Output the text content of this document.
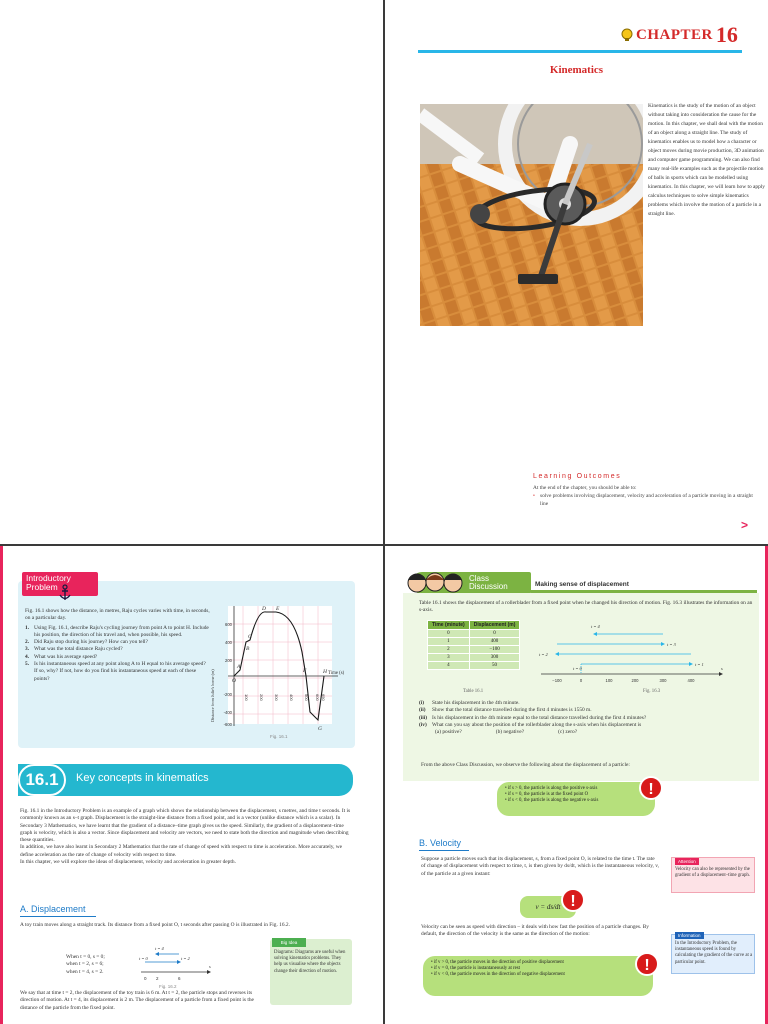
CHAPTER 16
Kinematics
Kinematics is the study of the motion of an object without taking into consideration the cause for the motion. In this chapter, we shall deal with the motion of an object along a straight line. The study of kinematics enables us to model how a character or object moves during movie production, 3D animation and computer game programming. We can also find many real-life examples such as the projectile motion of balls in sports which can be modelled using kinematics. In this chapter, we will learn how to apply calculus techniques to solve simple kinematics problems which involve the motion of a particle in a straight line.
Learning Outcomes
At the end of the chapter, you should be able to:
• solve problems involving displacement, velocity and acceleration of a particle moving in a straight line
>
Introductory Problem
Fig. 16.1 shows how the distance, in metres, Raju cycles varies with time, in seconds, on a particular day.
1. Using Fig. 16.1, describe Raju's cycling journey from point A to point H. Include his position, the direction of his travel and, when possible, his speed.
2. Did Raju stop during his journey? How can you tell?
3. What was the total distance Raju cycled?
4. What was his average speed?
5. Is his instantaneous speed at any point along A to H equal to his average speed? If so, why? If not, how do you find his instantaneous speed at each of these points?	O
A
B
C
D E
F
G
H
600
400
200
-200
-400
-600
100	200	300	400	500 600 650
Time (s)
Distance from Julie's home (m)
Fig. 16.1
16.1	Key concepts in kinematics
Fig. 16.1 in the Introductory Problem is an example of a graph which shows the relationship between the displacement, s metres, and time t seconds. It is commonly known as an s–t graph. Displacement is the straight-line distance from a fixed point, and is a vector (unlike distance which is a scalar). In Secondary 3 Mathematics, we have learnt that the gradient of a distance–time graph gives us the speed. Similarly, the gradient of a displacement–time graph is velocity, which is also a vector. Since displacement and velocity are vectors, we need to state both the direction and magnitude when describing these quantities.
In addition, we have also learnt in Secondary 2 Mathematics that the rate of change of speed with respect to time is acceleration. More accurately, we define acceleration as the rate of change of velocity with respect to time.
In this chapter, we will explore the ideas of displacement, velocity and acceleration in greater depth.
A. Displacement
A toy train moves along a straight track. Its distance from a fixed point O, t seconds after passing O is illustrated in Fig. 16.2.
When t = 0, s = 0;
when t = 2, s = 6;
when t = 4, s = 2.
t = 4
t = 0	t = 2
s
0 2	6
Fig. 16.2
Big Idea
Diagrams: Diagrams are useful when solving kinematics problems. They help us visualise where the objects change their direction of motion.
We say that at time t = 2, the displacement of the toy train is 6 m. At t = 2, the particle stops and reverses its direction of motion. At t = 4, its displacement is 2 m. The displacement of a particle from a fixed point is the distance of the particle from the fixed point.
Class Discussion	Making sense of displacement
Table 16.1 shows the displacement of a rollerblader from a fixed point when he changed his direction of motion. Fig. 16.3 illustrates the information on an s-axis.
Time (minute)	Displacement (m)
0	0
1	400
2	−100
3	300
4	50
Table 16.1
t = 4
t = 3
t = 2
t = 1
t = 0	s
−100	0	100	200	300	400
Fig. 16.3
(i) State his displacement in the 4th minute.
(ii) Show that the total distance travelled during the first 4 minutes is 1550 m.
(iii) Is his displacement in the 4th minute equal to the total distance travelled during the first 4 minutes?
(iv) What can you say about the position of the rollerblader along the s-axis when his displacement is
(a) positive?	(b) negative?	(c) zero?
From the above Class Discussion, we observe the following about the displacement of a particle:
• if s > 0, the particle is along the positive s-axis
• if s = 0, the particle is at the fixed point O
• if s < 0, the particle is along the negative s-axis
!
B. Velocity
Suppose a particle moves such that its displacement, s, from a fixed point O, is related to the time t. The rate of change of displacement with respect to time, t, is then given by ds/dt, which is the instantaneous velocity, v, of the particle at a given instant:
Attention
Velocity can also be represented by the gradient of a displacement–time graph.
v = ds/dt !
Velocity can be seen as speed with direction – it deals with how fast the position of a particle changes. By default, the direction of the velocity is the same as the direction of the motion:	Information
In the Introductory Problem, the instantaneous speed is found by calculating the gradient of the curve at a particular point.
• if v > 0, the particle moves in the direction of positive displacement
• if v = 0, the particle is instantaneously at rest
• if v < 0, the particle moves in the direction of negative displacement
!
